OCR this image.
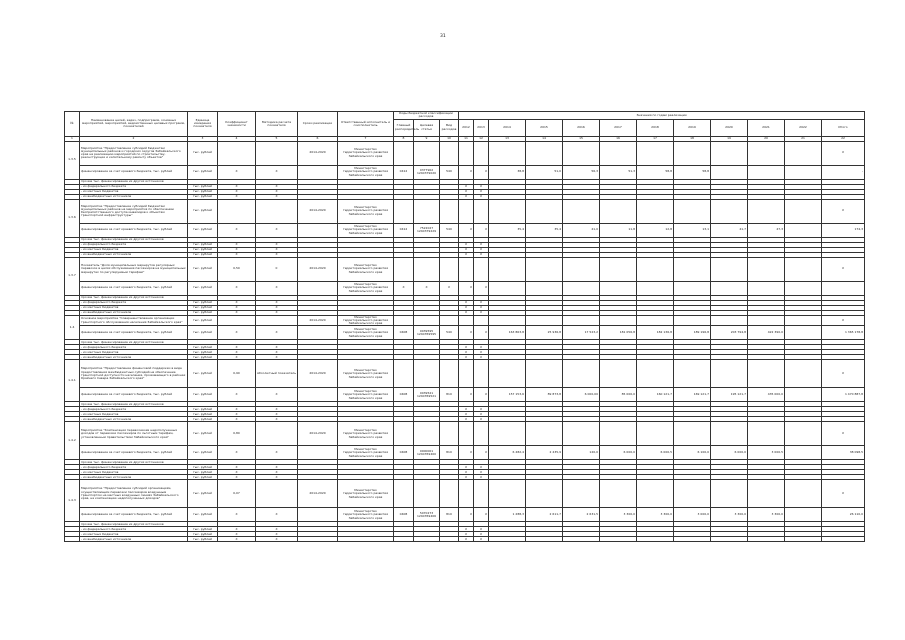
31
№	Наименование целей, задач, подпрограмм, основных мероприятий, мероприятий, ведомственных целевых программ, показателей	Единица измерения показателя	Коэффициент значимости	Методика расчета показателя	Сроки реализации	Ответственный исполнитель и соисполнитель	Коды бюджетной классификации расходов			Значения по годам реализации											
							Главный распорядитель	Целевая статья	Вид расходов	2012	2013	2014	2015	2016	2017	2018	2019	2020	2021	2022	Итого
1	2	3	4	5	6	7	8	9	10	11	12	13	14	15	16	17	18	19	20	21	22
1.3.5	Мероприятие "Предоставление субсидий бюджетам муниципальных районов и городских округов Забайкальского края на реализацию мероприятий по строительству, реконструкции и капитальному ремонту объектов"	тыс. рублей			2014-2020	Министерство территориального развития Забайкальского края															Х
	финансирование за счет краевого бюджета, тыс. рублей	тыс. рублей	Х	Х		Министерство территориального развития Забайкальского края	0412	0377902 1240379020	540	Х	Х	38,8	51,0	56,3	51,3	58,8	58,8				-
	прочие тыс. финансирование из других источников																				
	- из федерального бюджета	тыс. рублей	Х	Х						Х	Х										
	- из местных бюджетов	тыс. рублей	Х	Х						Х	Х										
	- из внебюджетных источников	тыс. рублей	Х	Х						Х	Х										
1.3.6	Мероприятие "Предоставление субсидий бюджетам муниципальных районов на мероприятия по обеспечению беспрепятственного доступа инвалидов к объектам транспортной инфраструктуры"	тыс. рублей			2014-2020	Министерство территориального развития Забайкальского края															Х
	финансирование за счет краевого бюджета, тыс. рублей	тыс. рублей	Х	Х		Министерство территориального развития Забайкальского края	0412	7522027 1240379229	540	Х	Х	35,4	35,4	41,0	11,8	12,8	13,1	41,7	47,3		174,3
	прочие тыс. финансирование из других источников																				
	- из федерального бюджета	тыс. рублей	Х	Х						Х	Х										
	- из местных бюджетов	тыс. рублей	Х	Х						Х	Х										
	- из внебюджетных источников	тыс. рублей	Х	Х						Х	Х										
1.3.7	Показатель "Доля муниципальных маршрутов регулярных перевозок в целях обслуживания пассажиров на муниципальных маршрутах по регулируемым тарифам"	тыс. рублей	0,50	0	2014-2020	Министерство территориального развития Забайкальского края															Х
	финансирование за счет краевого бюджета, тыс. рублей	тыс. рублей	Х	Х		Министерство территориального развития Забайкальского края	Х	Х	Х	Х	Х										
	прочие тыс. финансирование из других источников																				
	- из федерального бюджета	тыс. рублей	Х	Х						Х	Х										
	- из местных бюджетов	тыс. рублей	Х	Х						Х	Х										
	- из внебюджетных источников	тыс. рублей	Х	Х						Х	Х										
1.4	Основное мероприятие "Совершенствование организации транспортного обслуживания населения Забайкальского края"	тыс. рублей			2014-2020	Министерство территориального развития Забайкальского края															Х
	финансирование за счет краевого бюджета, тыс. рублей	тыс. рублей	Х	Х		Министерство территориального развития Забайкальского края	0408	0039595 1240359595	540	Х	Х	163 863,8	25 936,8	17 523,2	181 056,8	182 136,8	189 196,8	203 794,8	422 390,0		1 365 178,8
	прочие тыс. финансирование из других источников																				
	- из федерального бюджета	тыс. рублей	Х	Х						Х	Х										
	- из местных бюджетов	тыс. рублей	Х	Х						Х	Х										
	- из внебюджетных источников	тыс. рублей	Х	Х						Х	Х										
1.4.1	Мероприятие "Предоставление финансовой поддержки в виде предоставления межбюджетных субсидий на обеспечение транспортной доступности населения, проживающего в районах Крайнего Севера Забайкальского края"	тыс. рублей	0,90	Абсолютный показатель	2014-2020	Министерство территориального развития Забайкальского края															Х
	финансирование за счет краевого бюджета, тыс. рублей	тыс. рублей	Х	Х		Министерство территориального развития Забайкальского края	0408	0039521 1240359521	810	Х	Х	157 153,6	89 873,8	6 000,00	85 000,0	160 121,7	169 121,7	195 121,7	435 000,0		1 470 887,8
	прочие тыс. финансирование из других источников																				
	- из федерального бюджета	тыс. рублей	Х	Х						Х	Х										
	- из местных бюджетов	тыс. рублей	Х	Х						Х	Х										
	- из внебюджетных источников	тыс. рублей	Х	Х						Х	Х										
1.4.2	Мероприятие "Компенсация перевозчикам недополученных доходов от перевозки пассажиров по льготным тарифам, установленным правительством Забайкальского края"	тыс. рублей	0,80		2014-2020	Министерство территориального развития Забайкальского края															Х
	финансирование за счет краевого бюджета, тыс. рублей	тыс. рублей	Х	Х		Министерство территориального развития Забайкальского края	0408	0000001 1240359400	810	Х	Х	6 482,4	2 435,9	120,0	6 000,0	6 000,5	6 100,0	6 000,0	3 000,5		38 098,5
	прочие тыс. финансирование из других источников																				
	- из федерального бюджета	тыс. рублей	Х	Х						Х	Х										
	- из местных бюджетов	тыс. рублей	Х	Х						Х	Х										
	- из внебюджетных источников	тыс. рублей	Х	Х						Х	Х										
1.4.3	Мероприятие "Предоставление субсидий организациям, осуществляющим перевозки пассажиров воздушным транспортом на местных воздушных линиях Забайкальского края, на компенсацию недополученных доходов"	тыс. рублей	0,07		2014-2020	Министерство территориального развития Забайкальского края															Х
	финансирование за счет краевого бюджета, тыс. рублей	тыс. рублей	Х	Х		Министерство территориального развития Забайкальского края	0408	5070273 1240359406	810	Х	Х	1 288,3	2 611,7	2 631,5	3 300,0	3 300,0	3 000,0	3 300,0	3 300,0		26 110,0
	прочие тыс. финансирование из других источников																				
	- из федерального бюджета	тыс. рублей	Х	Х						Х	Х										
	- из местных бюджетов	тыс. рублей	Х	Х						Х	Х										
	- из внебюджетных источников	тыс. рублей	Х	Х						Х	Х										
